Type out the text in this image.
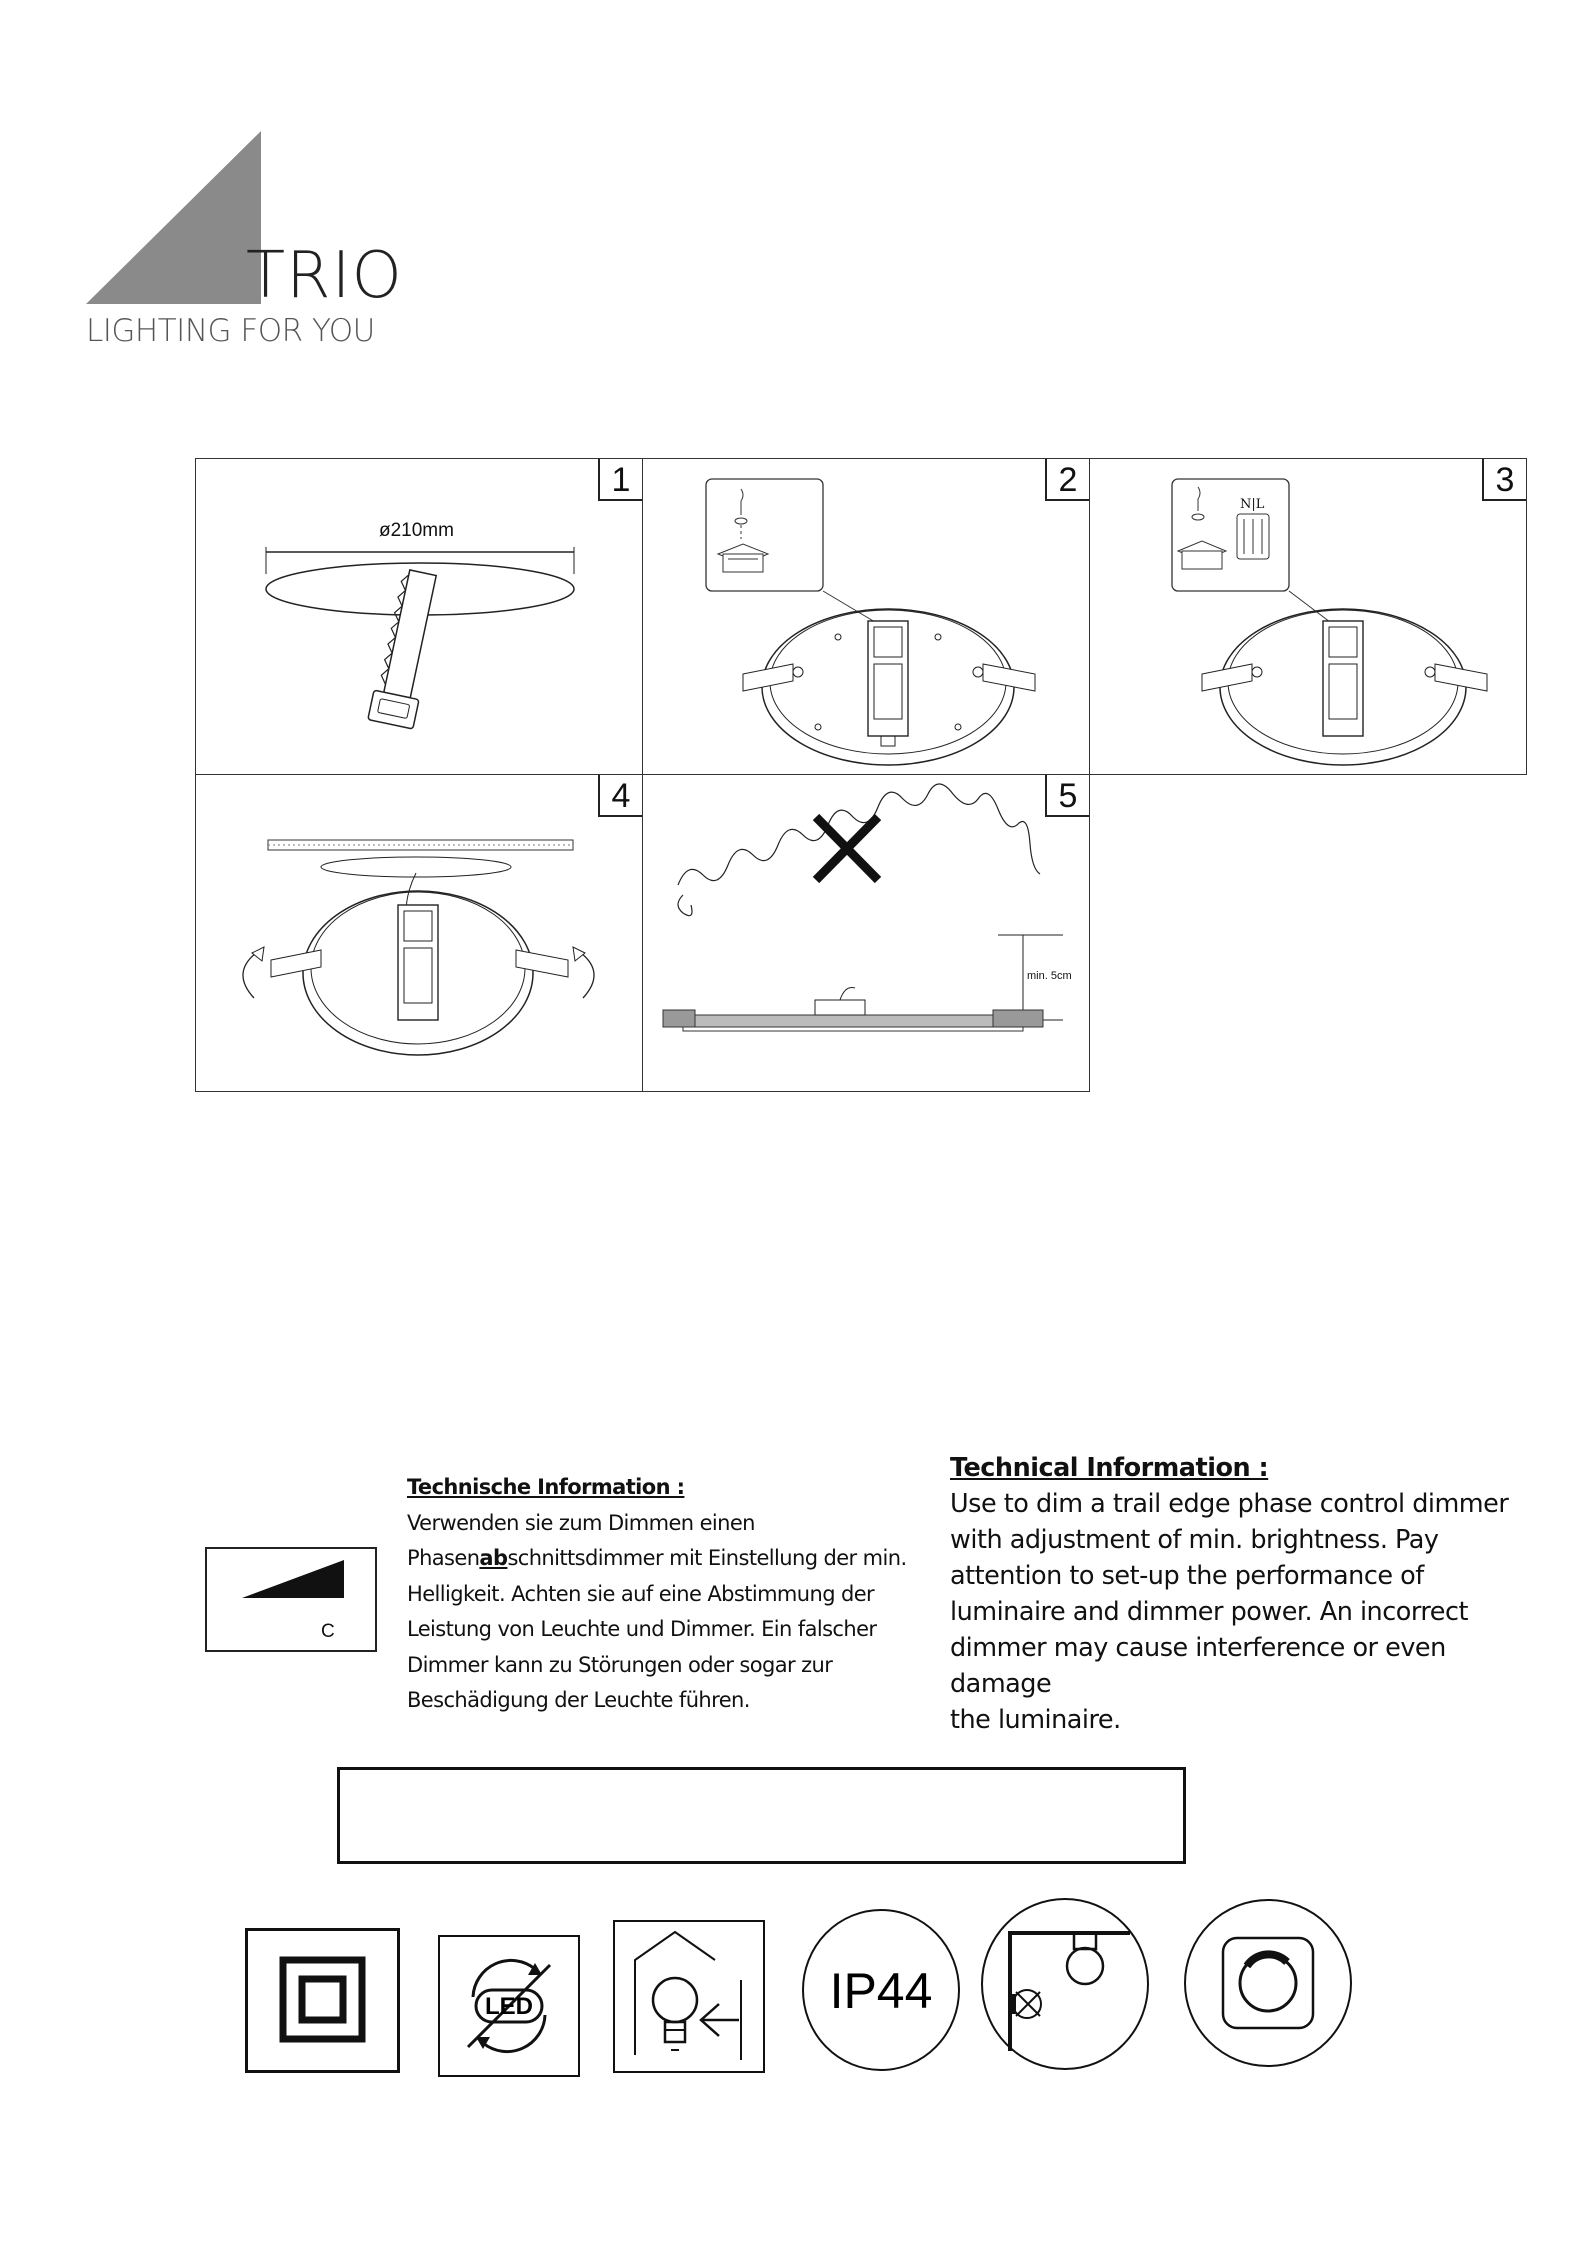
TRIO
LIGHTING FOR YOU
ø210mm
1	2
N|L
3
4
min. 5cm
5
C
Technische Information :
Verwenden sie zum Dimmen einen
Phasenabschnittsdimmer mit Einstellung der min.
Helligkeit. Achten sie auf eine Abstimmung der
Leistung von Leuchte und Dimmer. Ein falscher
Dimmer kann zu Störungen oder sogar zur
Beschädigung der Leuchte führen.
Technical Information :
Use to dim a trail edge phase control dimmer
with adjustment of min. brightness. Pay
attention to set-up the performance of
luminaire and dimmer power. An incorrect
dimmer may cause interference or even damage
the luminaire.
LED	IP44
